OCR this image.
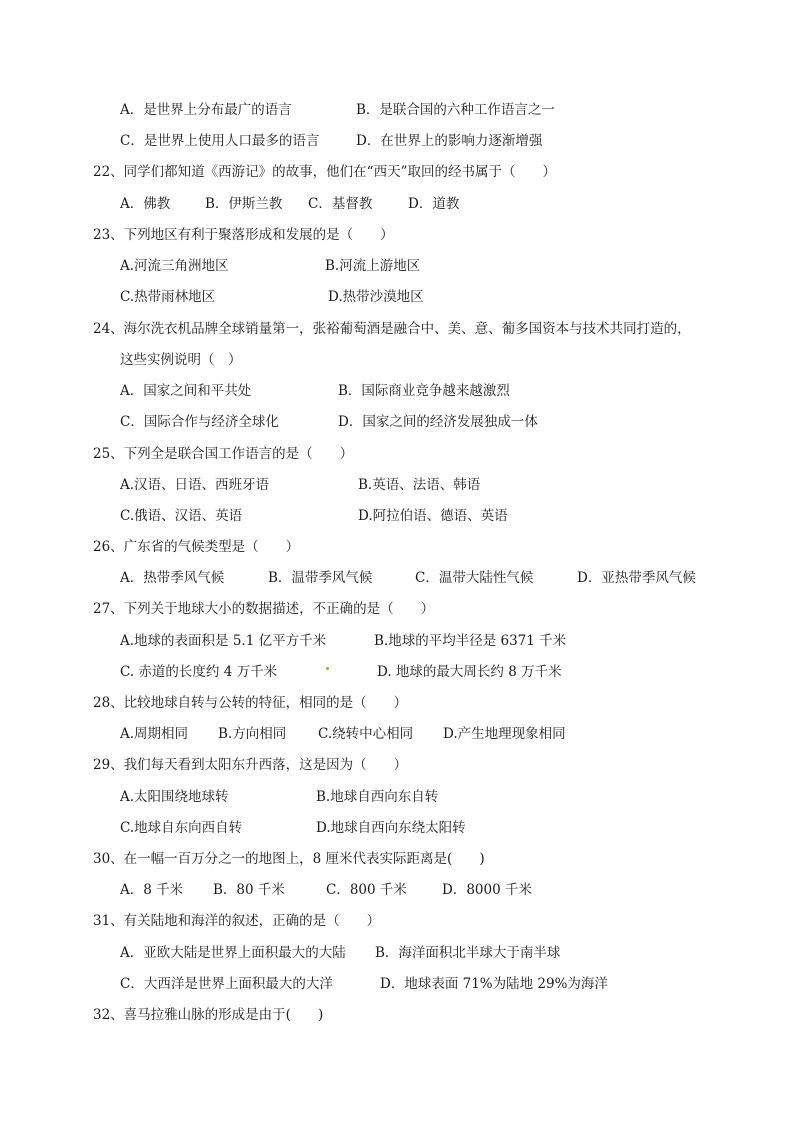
A．是世界上分布最广的语言	B．是联合国的六种工作语言之一
C．是世界上使用人口最多的语言	D．在世界上的影响力逐渐增强
22、同学们都知道《西游记》的故事，他们在“西天”取回的经书属于（　　）
A．佛教	B．伊斯兰教 C．基督教	D．道教
23、下列地区有利于聚落形成和发展的是（　　）
A.河流三角洲地区	B.河流上游地区
C.热带雨林地区	D.热带沙漠地区
24、海尔洗衣机品牌全球销量第一，张裕葡萄酒是融合中、美、意、葡多国资本与技术共同打造的，
这些实例说明（　）
A．国家之间和平共处	B．国际商业竞争越来越激烈
C．国际合作与经济全球化	D．国家之间的经济发展独成一体
25、下列全是联合国工作语言的是（　　）
A.汉语、日语、西班牙语	B.英语、法语、韩语
C.俄语、汉语、英语	D.阿拉伯语、德语、英语
26、广东省的气候类型是（　　）
A．热带季风气候	B．温带季风气候	C．温带大陆性气候	D．亚热带季风气候
27、下列关于地球大小的数据描述，不正确的是（　　）
A.地球的表面积是 5.1 亿平方千米	B.地球的平均半径是 6371 千米
C. 赤道的长度约 4 万千米	D. 地球的最大周长约 8 万千米
28、比较地球自转与公转的特征，相同的是（　　）
A.周期相同 B.方向相同 C.绕转中心相同 D.产生地理现象相同
29、我们每天看到太阳东升西落，这是因为（　　）
A.太阳围绕地球转	B.地球自西向东自转
C.地球自东向西自转	D.地球自西向东绕太阳转
30、在一幅一百万分之一的地图上，8 厘米代表实际距离是(　　)
A．8 千米 B．80 千米	C．800 千米	D．8000 千米
31、有关陆地和海洋的叙述，正确的是（　　）
A．亚欧大陆是世界上面积最大的大陆 B．海洋面积北半球大于南半球
C．大西洋是世界上面积最大的大洋	D．地球表面 71%为陆地 29%为海洋
32、喜马拉雅山脉的形成是由于(　　)
